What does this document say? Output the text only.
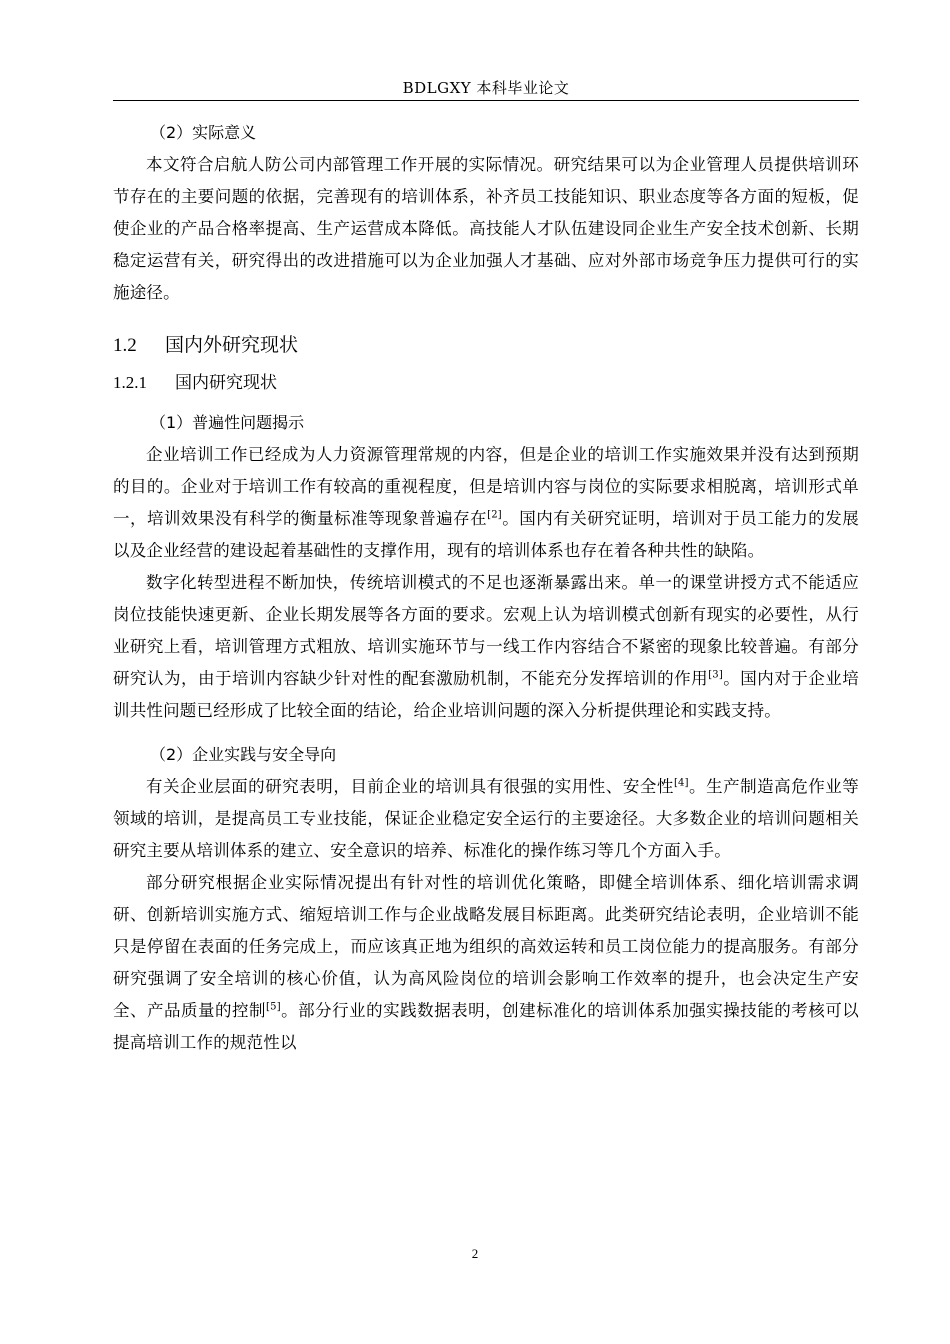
BDLGXY 本科毕业论文
（2）实际意义

本文符合启航人防公司内部管理工作开展的实际情况。研究结果可以为企业管理人员提供培训环节存在的主要问题的依据，完善现有的培训体系，补齐员工技能知识、职业态度等各方面的短板，促使企业的产品合格率提高、生产运营成本降低。高技能人才队伍建设同企业生产安全技术创新、长期稳定运营有关，研究得出的改进措施可以为企业加强人才基础、应对外部市场竞争压力提供可行的实施途径。

1.2 国内外研究现状
1.2.1 国内研究现状
（1）普遍性问题揭示

企业培训工作已经成为人力资源管理常规的内容，但是企业的培训工作实施效果并没有达到预期的目的。企业对于培训工作有较高的重视程度，但是培训内容与岗位的实际要求相脱离，培训形式单一，培训效果没有科学的衡量标准等现象普遍存在[2]。国内有关研究证明，培训对于员工能力的发展以及企业经营的建设起着基础性的支撑作用，现有的培训体系也存在着各种共性的缺陷。

数字化转型进程不断加快，传统培训模式的不足也逐渐暴露出来。单一的课堂讲授方式不能适应岗位技能快速更新、企业长期发展等各方面的要求。宏观上认为培训模式创新有现实的必要性，从行业研究上看，培训管理方式粗放、培训实施环节与一线工作内容结合不紧密的现象比较普遍。有部分研究认为，由于培训内容缺少针对性的配套激励机制，不能充分发挥培训的作用[3]。国内对于企业培训共性问题已经形成了比较全面的结论，给企业培训问题的深入分析提供理论和实践支持。

（2）企业实践与安全导向

有关企业层面的研究表明，目前企业的培训具有很强的实用性、安全性[4]。生产制造高危作业等领域的培训，是提高员工专业技能，保证企业稳定安全运行的主要途径。大多数企业的培训问题相关研究主要从培训体系的建立、安全意识的培养、标准化的操作练习等几个方面入手。

部分研究根据企业实际情况提出有针对性的培训优化策略，即健全培训体系、细化培训需求调研、创新培训实施方式、缩短培训工作与企业战略发展目标距离。此类研究结论表明，企业培训不能只是停留在表面的任务完成上，而应该真正地为组织的高效运转和员工岗位能力的提高服务。有部分研究强调了安全培训的核心价值，认为高风险岗位的培训会影响工作效率的提升，也会决定生产安全、产品质量的控制[5]。部分行业的实践数据表明，创建标准化的培训体系加强实操技能的考核可以提高培训工作的规范性以

2
